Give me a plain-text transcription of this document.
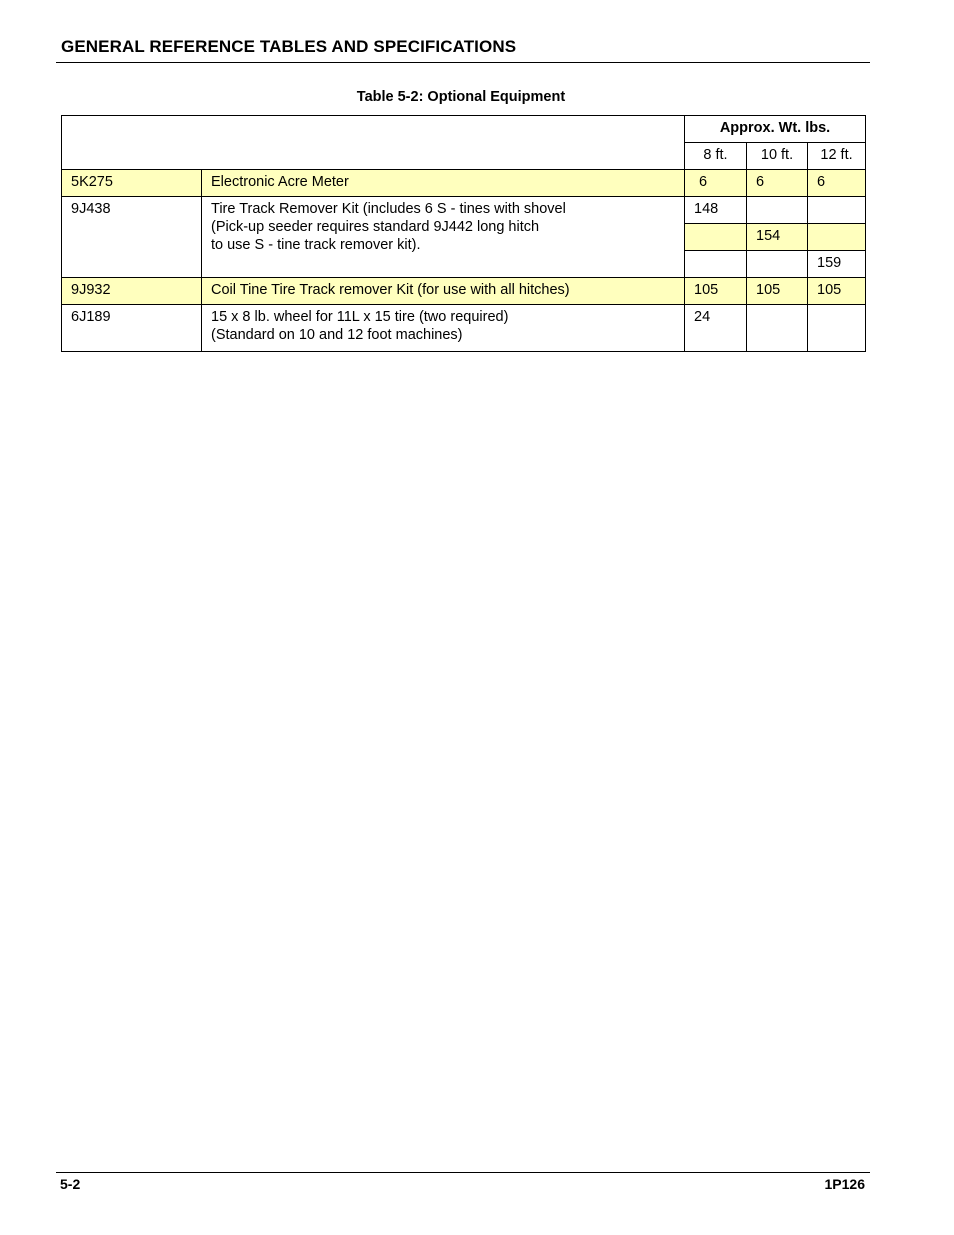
GENERAL REFERENCE TABLES AND SPECIFICATIONS
Table 5-2: Optional Equipment
		Approx. Wt. lbs.		
		8 ft.	10 ft.	12 ft.
5K275	Electronic Acre Meter	6	6	6
9J438	Tire Track Remover Kit (includes 6 S - tines with shovel
(Pick-up seeder requires standard 9J442 long hitch
to use S - tine track remover kit).	148		
			154	
				159
9J932	Coil Tine Tire Track remover Kit (for use with all hitches)	105	105	105
6J189	15 x 8 lb. wheel for 11L x 15 tire (two required)
(Standard on 10 and 12 foot machines)	24		
5-2	1P126
